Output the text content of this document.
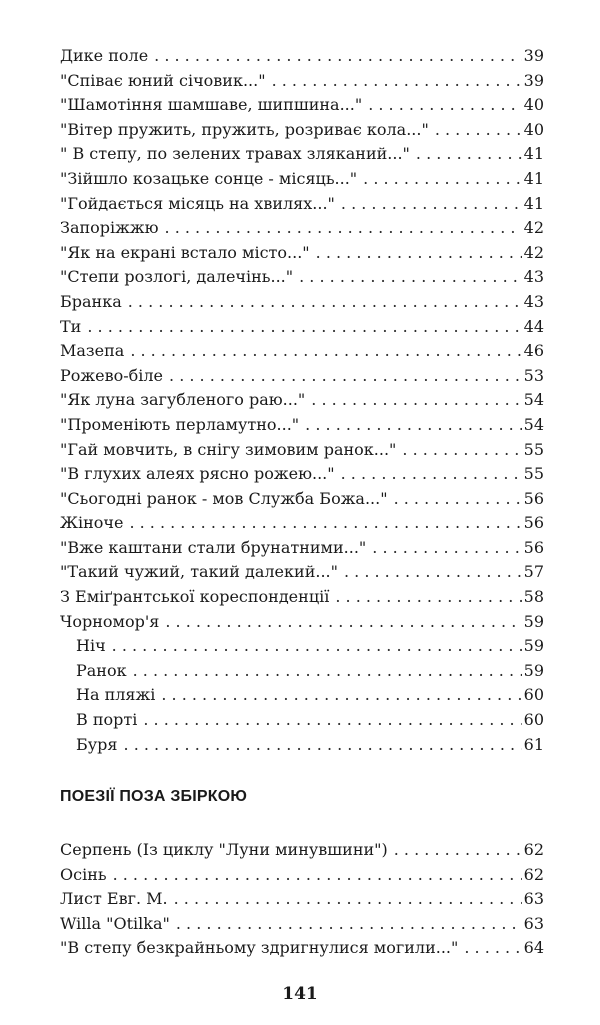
Дике поле . . .	39
"Співає юний січовик..." . . .	39
"Шамотіння шамшаве, шипшина..." . . .	40
"Вітер пружить, пружить, розриває кола..." . . .	40
" В степу, по зелених травах зляканий..." . . .	41
"Зійшло козацьке сонце - місяць..." . . .	41
"Гойдається місяць на хвилях..." . . .	41
Запоріжжю . . .	42
"Як на екрані встало місто..." . . .	42
"Степи розлогі, далечінь..." . . .	43
Бранка . . .	43
Ти . . .	44
Мазепа . . .	46
Рожево-біле . . .	53
"Як луна загубленого раю..." . . .	54
"Променіють перламутно..." . . .	54
"Гай мовчить, в снігу зимовим ранок..." . . .	55
"В глухих алеях рясно рожею..." . . .	55
"Сьогодні ранок - мов Служба Божа..." . . .	56
Жіноче . . .	56
"Вже каштани стали брунатними..." . . .	56
"Такий чужий, такий далекий..." . . .	57
З Еміґрантської кореспонденції . . .	58
Чорномор'я . . .	59
Ніч . . .	59
Ранок . . .	59
На пляжі . . .	60
В порті . . .	60
Буря . . .	61
ПОЕЗІЇ ПОЗА ЗБІРКОЮ
Серпень (Із циклу "Луни минувшини") . . .	62
Осінь . . .	62
Лист Евг. М. . . .	63
Willa "Otilka" . . .	63
"В степу безкрайньому здригнулися могили..." . . .	64
141
